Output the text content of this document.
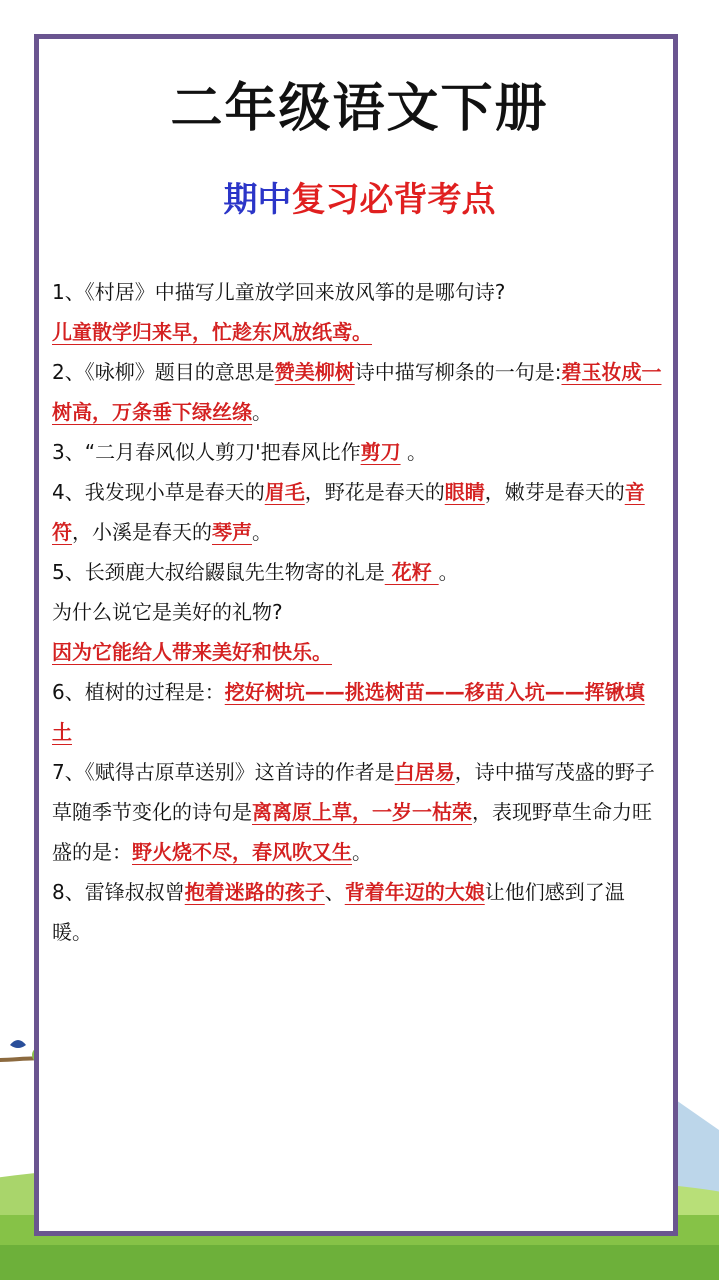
二年级语文下册
期中复习必背考点

1、《村居》中描写儿童放学回来放风筝的是哪句诗?

儿童散学归来早，忙趁东风放纸鸢。

2、《咏柳》题目的意思是赞美柳树诗中描写柳条的一句是:碧玉妆成一树高，万条垂下绿丝绦。

3、“二月春风似人剪刀'把春风比作剪刀 。

4、我发现小草是春天的眉毛，野花是春天的眼睛，嫩芽是春天的音符，小溪是春天的琴声。

5、长颈鹿大叔给鼹鼠先生物寄的礼是 花籽 。

为什么说它是美好的礼物?

因为它能给人带来美好和快乐。

6、植树的过程是：挖好树坑——挑选树苗——移苗入坑——挥锹填土

7、《赋得古原草送别》这首诗的作者是白居易，诗中描写茂盛的野子草随季节变化的诗句是离离原上草，一岁一枯荣，表现野草生命力旺盛的是：野火烧不尽，春风吹又生。

8、雷锋叔叔曾抱着迷路的孩子、背着年迈的大娘让他们感到了温暖。
